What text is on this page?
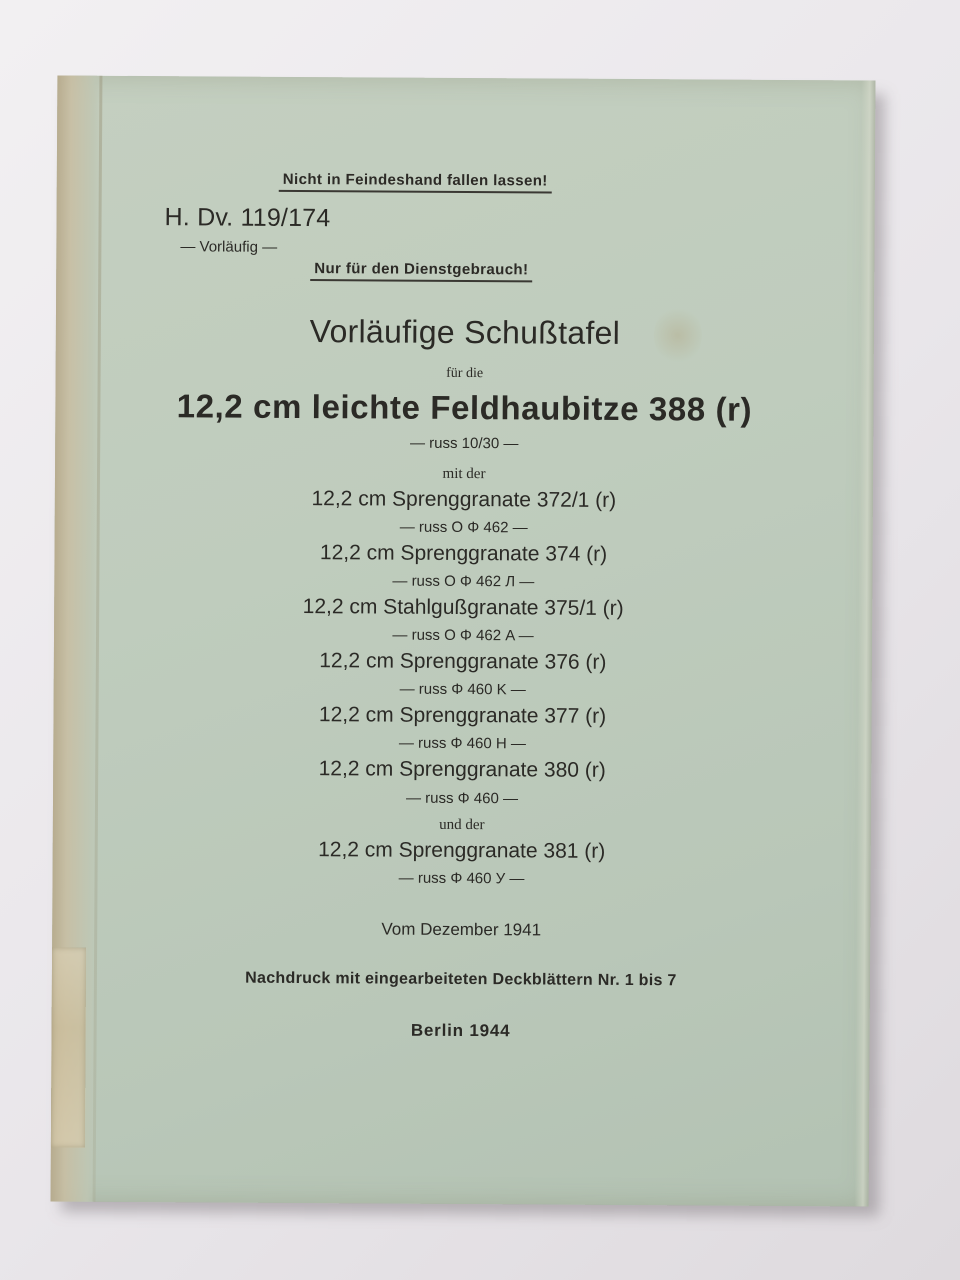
Nicht in Feindeshand fallen lassen!
H. Dv. 119/174
— Vorläufig —
Nur für den Dienstgebrauch!
Vorläufige Schußtafel
für die
12,2 cm leichte Feldhaubitze 388 (r)
— russ 10/30 —
mit der
12,2 cm Sprenggranate 372/1 (r)
— russ O Φ 462 —
12,2 cm Sprenggranate 374 (r)
— russ O Φ 462 Л —
12,2 cm Stahlgußgranate 375/1 (r)
— russ O Φ 462 A —
12,2 cm Sprenggranate 376 (r)
— russ Φ 460 K —
12,2 cm Sprenggranate 377 (r)
— russ Φ 460 H —
12,2 cm Sprenggranate 380 (r)
— russ Φ 460 —
und der
12,2 cm Sprenggranate 381 (r)
— russ Φ 460 У —
Vom Dezember 1941
Nachdruck mit eingearbeiteten Deckblättern Nr. 1 bis 7
Berlin 1944
